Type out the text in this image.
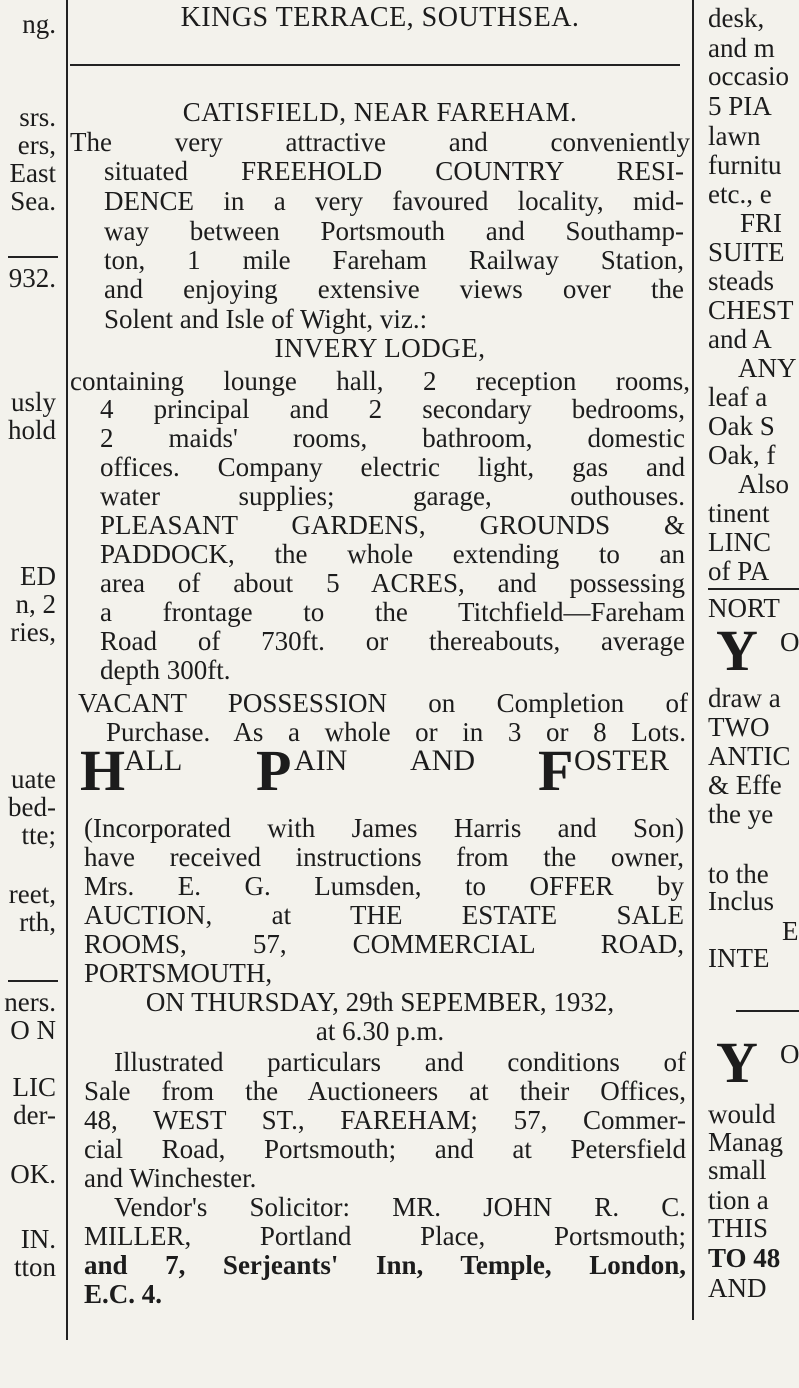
ng.
srs.
ers,
East
Sea.
932.
usly
hold
ED
n, 2
ries,
uate
bed-
tte;
reet,
rth,
ners.
O N
LIC
der-
OK.
IN.
tton
KINGS TERRACE, SOUTHSEA.
CATISFIELD, NEAR FAREHAM.
The very attractive and conveniently
situated FREEHOLD COUNTRY RESI-
DENCE in a very favoured locality, mid-
way between Portsmouth and Southamp-
ton, 1 mile Fareham Railway Station,
and enjoying extensive views over the
Solent and Isle of Wight, viz.:
INVERY LODGE,
containing lounge hall, 2 reception rooms,
4 principal and 2 secondary bedrooms,
2 maids' rooms, bathroom, domestic
offices. Company electric light, gas and
water supplies; garage, outhouses.
PLEASANT GARDENS, GROUNDS &
PADDOCK, the whole extending to an
area of about 5 ACRES, and possessing
a frontage to the Titchfield—Fareham
Road of 730ft. or thereabouts, average
depth 300ft.
VACANT POSSESSION on Completion of
Purchase. As a whole or in 3 or 8 Lots.
H
ALL P AIN AND F OSTER
(Incorporated with James Harris and Son)
have received instructions from the owner,
Mrs. E. G. Lumsden, to OFFER by
AUCTION, at THE ESTATE SALE
ROOMS, 57, COMMERCIAL ROAD,
PORTSMOUTH,
ON THURSDAY, 29th SEPEMBER, 1932,
at 6.30 p.m.
Illustrated particulars and conditions of
Sale from the Auctioneers at their Offices,
48, WEST ST., FAREHAM; 57, Commer-
cial Road, Portsmouth; and at Petersfield
and Winchester.
Vendor's Solicitor: MR. JOHN R. C.
MILLER, Portland Place, Portsmouth;
and 7, Serjeants' Inn, Temple, London,
E.C. 4.
desk,
and m
occasio
5 PIA
lawn
furnitu
etc., e
FRI
SUITE
steads
CHEST
and A
ANY
leaf a
Oak S
Oak, f
Also
tinent
LINC
of PA
NORT
Y O
draw a
TWO
ANTIC
& Effe
the ye
to the
Inclus
E
INTE
Y O
would
Manag
small
tion a
THIS
TO 48
AND
